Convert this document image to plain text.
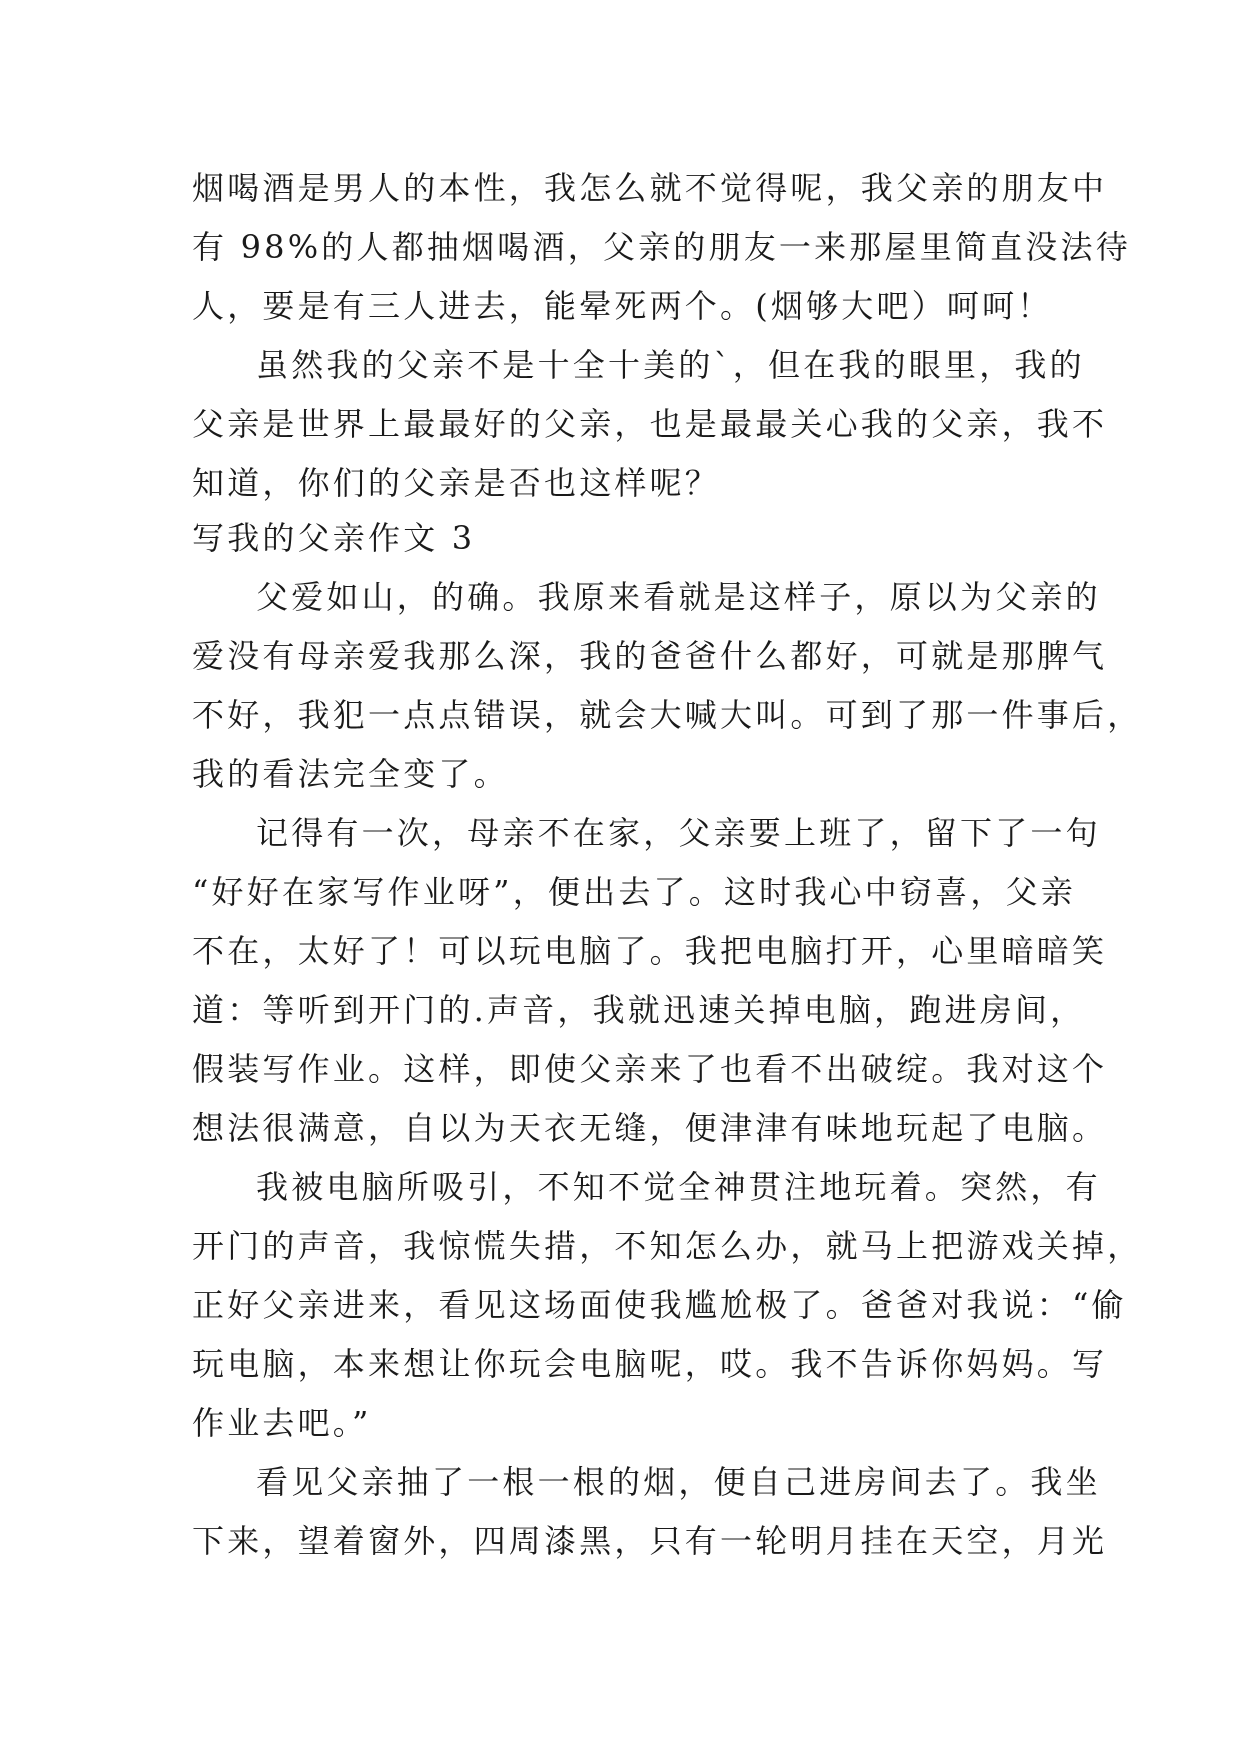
烟喝酒是男人的本性，我怎么就不觉得呢，我父亲的朋友中
有 98%的人都抽烟喝酒，父亲的朋友一来那屋里简直没法待
人，要是有三人进去，能晕死两个。(烟够大吧）呵呵！
虽然我的父亲不是十全十美的`，但在我的眼里，我的
父亲是世界上最最好的父亲，也是最最关心我的父亲，我不
知道，你们的父亲是否也这样呢？
写我的父亲作文 3
父爱如山，的确。我原来看就是这样子，原以为父亲的
爱没有母亲爱我那么深，我的爸爸什么都好，可就是那脾气
不好，我犯一点点错误，就会大喊大叫。可到了那一件事后，
我的看法完全变了。
记得有一次，母亲不在家，父亲要上班了，留下了一句
“好好在家写作业呀”，便出去了。这时我心中窃喜，父亲
不在，太好了！可以玩电脑了。我把电脑打开，心里暗暗笑
道：等听到开门的.声音，我就迅速关掉电脑，跑进房间，
假装写作业。这样，即使父亲来了也看不出破绽。我对这个
想法很满意，自以为天衣无缝，便津津有味地玩起了电脑。
我被电脑所吸引，不知不觉全神贯注地玩着。突然，有
开门的声音，我惊慌失措，不知怎么办，就马上把游戏关掉，
正好父亲进来，看见这场面使我尴尬极了。爸爸对我说：“偷
玩电脑，本来想让你玩会电脑呢，哎。我不告诉你妈妈。写
作业去吧。”
看见父亲抽了一根一根的烟，便自己进房间去了。我坐
下来，望着窗外，四周漆黑，只有一轮明月挂在天空，月光
